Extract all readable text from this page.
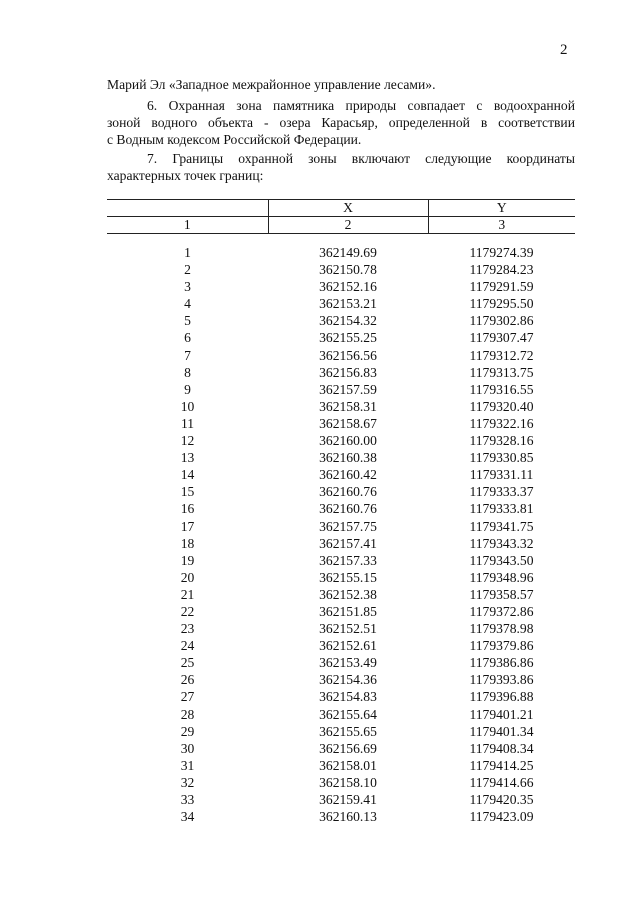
2
Марий Эл «Западное межрайонное управление лесами».
6. Охранная зона памятника природы совпадает с водоохранной
зоной водного объекта - озера Карасьяр, определенной в соответствии
с Водным кодексом Российской Федерации.
7. Границы охранной зоны включают следующие координаты
характерных точек границ:
	X	Y
1	2	3
1	362149.69	1179274.39
2	362150.78	1179284.23
3	362152.16	1179291.59
4	362153.21	1179295.50
5	362154.32	1179302.86
6	362155.25	1179307.47
7	362156.56	1179312.72
8	362156.83	1179313.75
9	362157.59	1179316.55
10	362158.31	1179320.40
11	362158.67	1179322.16
12	362160.00	1179328.16
13	362160.38	1179330.85
14	362160.42	1179331.11
15	362160.76	1179333.37
16	362160.76	1179333.81
17	362157.75	1179341.75
18	362157.41	1179343.32
19	362157.33	1179343.50
20	362155.15	1179348.96
21	362152.38	1179358.57
22	362151.85	1179372.86
23	362152.51	1179378.98
24	362152.61	1179379.86
25	362153.49	1179386.86
26	362154.36	1179393.86
27	362154.83	1179396.88
28	362155.64	1179401.21
29	362155.65	1179401.34
30	362156.69	1179408.34
31	362158.01	1179414.25
32	362158.10	1179414.66
33	362159.41	1179420.35
34	362160.13	1179423.09
